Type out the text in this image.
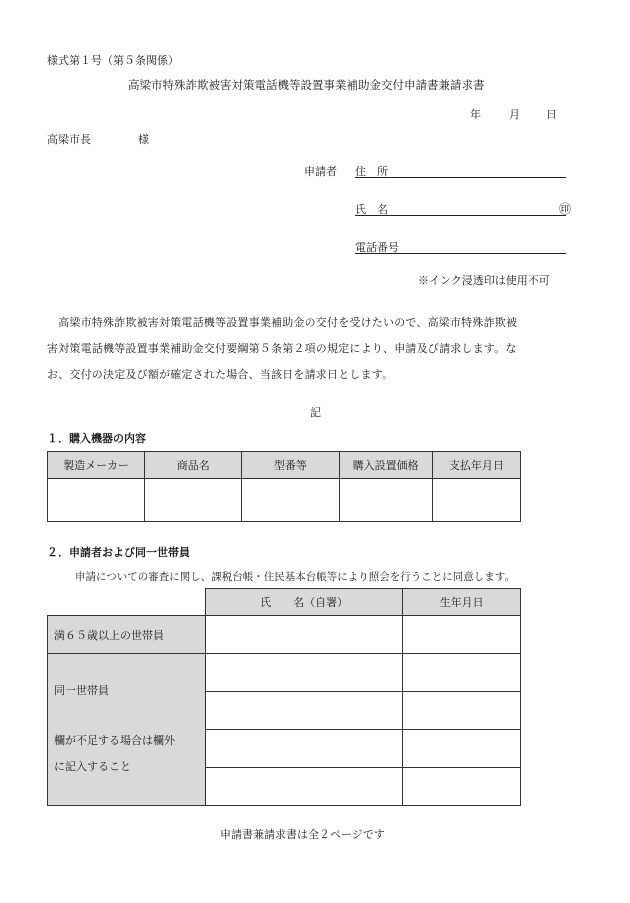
様式第１号（第５条関係）
高梁市特殊詐欺被害対策電話機等設置事業補助金交付申請書兼請求書
年	月 日
高梁市長	様
申請者 住　所
氏　名	㊞
電話番号
※インク浸透印は使用不可
　高梁市特殊詐欺被害対策電話機等設置事業補助金の交付を受けたいので、高梁市特殊詐欺被
害対策電話機等設置事業補助金交付要綱第５条第２項の規定により、申請及び請求します。な
お、交付の決定及び額が確定された場合、当該日を請求日とします。
記
１．購入機器の内容
製造メーカー	商品名	型番等	購入設置価格	支払年月日

２．申請者および同一世帯員
申請についての審査に関し、課税台帳・住民基本台帳等により照会を行うことに同意します。
	氏　　名（自署）	生年月日
満６５歳以上の世帯員		

同一世帯員
欄が不足する場合は欄外
に記入すること		

申請書兼請求書は全２ページです
